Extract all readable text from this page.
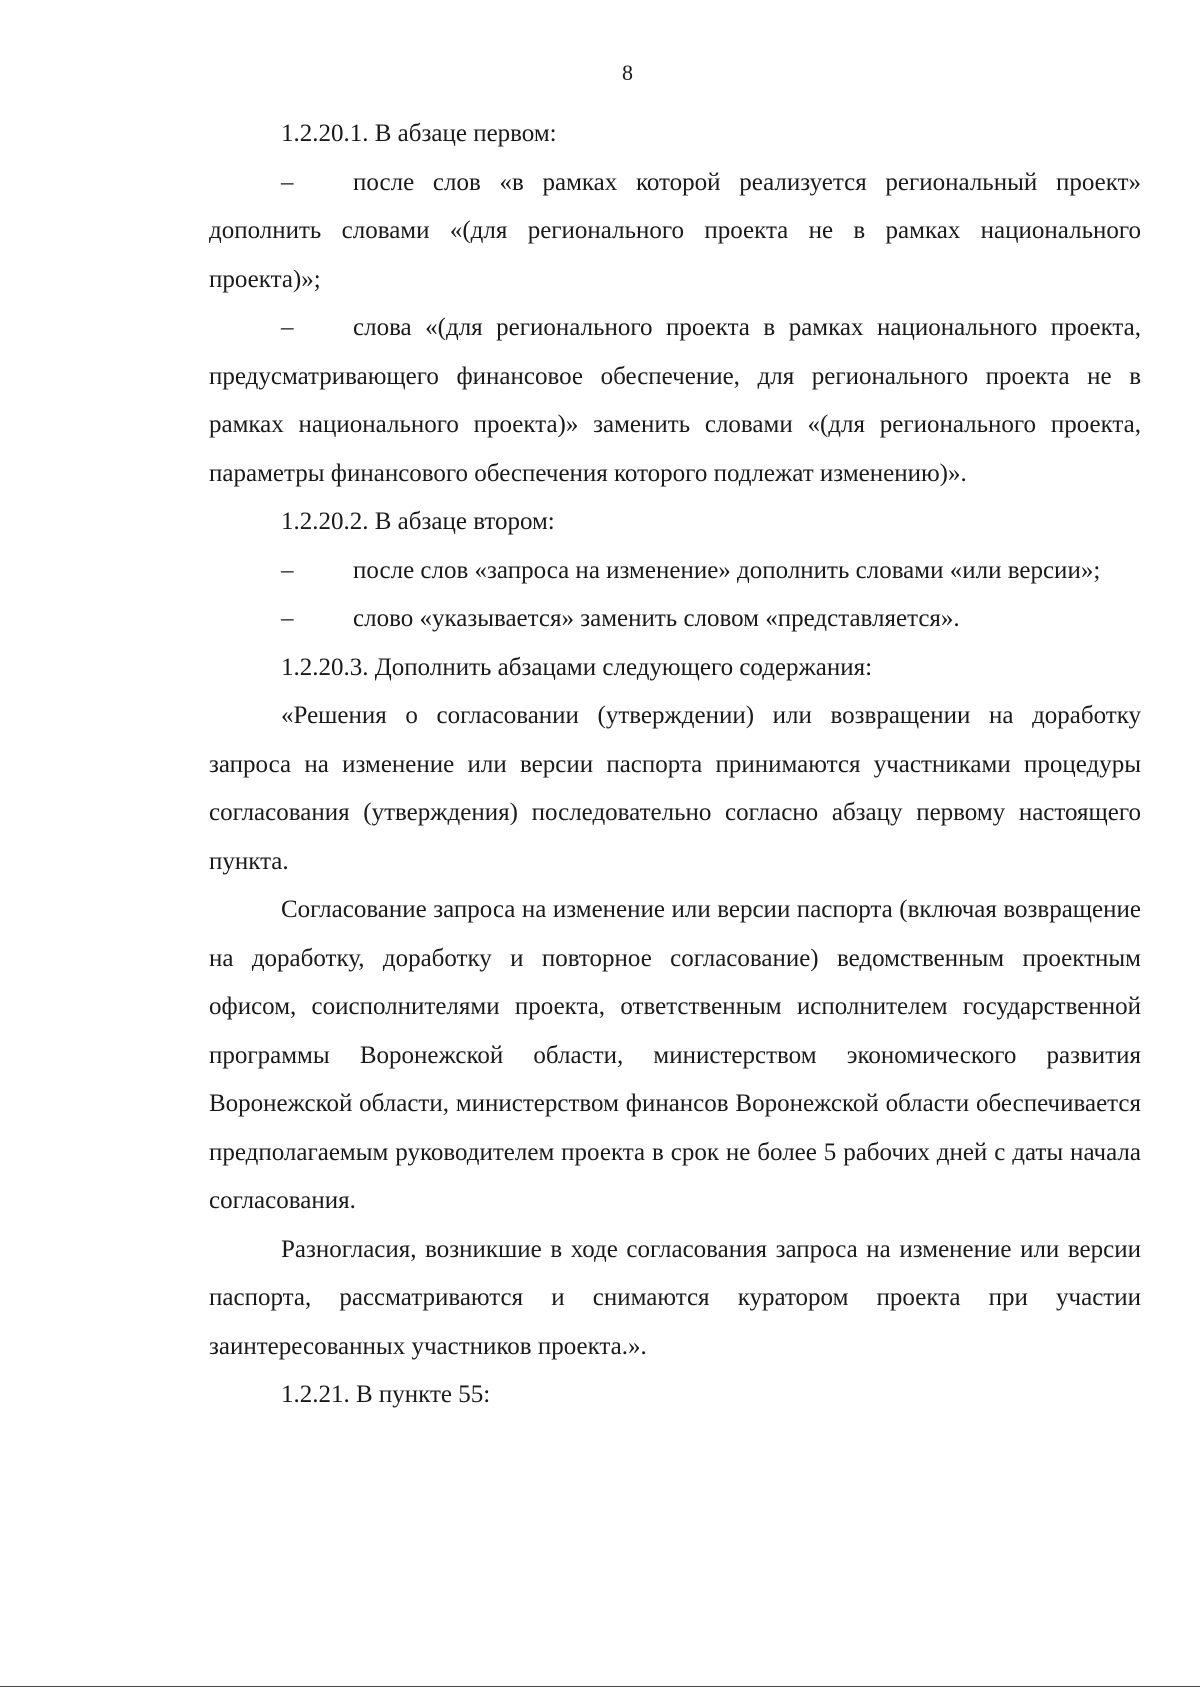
8

1.2.20.1. В абзаце первом:

– после слов «в рамках которой реализуется региональный проект» дополнить словами «(для регионального проекта не в рамках национального проекта)»;

– слова «(для регионального проекта в рамках национального проекта, предусматривающего финансовое обеспечение, для регионального проекта не в рамках национального проекта)» заменить словами «(для регионального проекта, параметры финансового обеспечения которого подлежат изменению)».

1.2.20.2. В абзаце втором:

– после слов «запроса на изменение» дополнить словами «или версии»;

– слово «указывается» заменить словом «представляется».

1.2.20.3. Дополнить абзацами следующего содержания:

«Решения о согласовании (утверждении) или возвращении на доработку запроса на изменение или версии паспорта принимаются участниками процедуры согласования (утверждения) последовательно согласно абзацу первому настоящего пункта.

Согласование запроса на изменение или версии паспорта (включая возвращение на доработку, доработку и повторное согласование) ведомственным проектным офисом, соисполнителями проекта, ответственным исполнителем государственной программы Воронежской области, министерством экономического развития Воронежской области, министерством финансов Воронежской области обеспечивается предполагаемым руководителем проекта в срок не более 5 рабочих дней с даты начала согласования.

Разногласия, возникшие в ходе согласования запроса на изменение или версии паспорта, рассматриваются и снимаются куратором проекта при участии заинтересованных участников проекта.».

1.2.21. В пункте 55:
